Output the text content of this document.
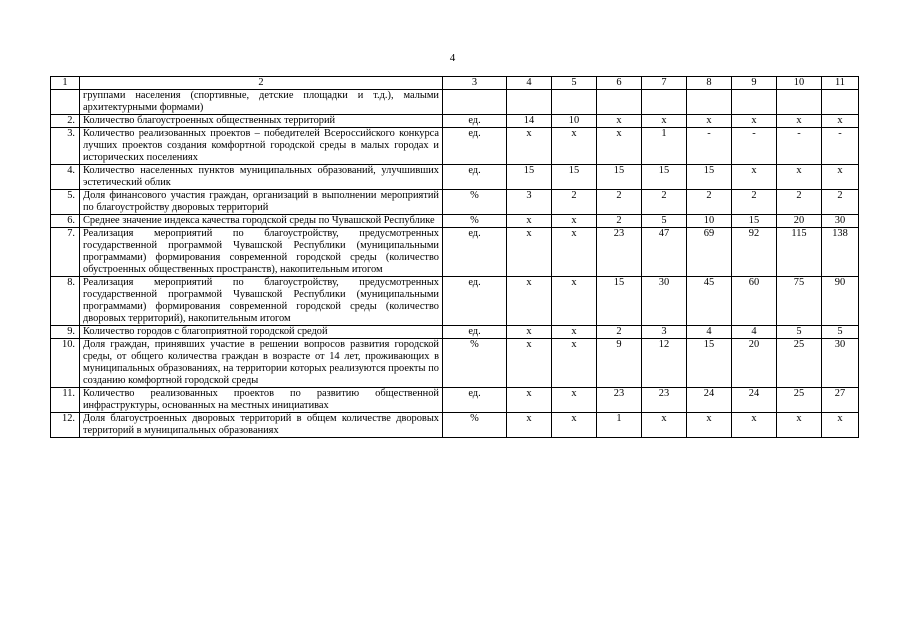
4
1	2	3	4	5	6	7	8	9	10	11
	группами населения (спортивные, детские площадки и т.д.), малыми архитектурными формами)									
2.	Количество благоустроенных общественных территорий	ед.	14	10	х	х	х	х	х	х
3.	Количество реализованных проектов – победителей Всероссийского конкурса лучших проектов создания комфортной городской среды в малых городах и исторических поселениях	ед.	х	х	х	1	-	-	-	-
4.	Количество населенных пунктов муниципальных образований, улучшивших эстетический облик	ед.	15	15	15	15	15	х	х	х
5.	Доля финансового участия граждан, организаций в выполнении мероприятий по благоустройству дворовых территорий	%	3	2	2	2	2	2	2	2
6.	Среднее значение индекса качества городской среды по Чувашской Республике	%	х	х	2	5	10	15	20	30
7.	Реализация мероприятий по благоустройству, предусмотренных государственной программой Чувашской Республики (муниципальными программами) формирования современной городской среды (количество обустроенных общественных пространств), накопительным итогом	ед.	х	х	23	47	69	92	115	138
8.	Реализация мероприятий по благоустройству, предусмотренных государственной программой Чувашской Республики (муниципальными программами) формирования современной городской среды (количество дворовых территорий), накопительным итогом	ед.	х	х	15	30	45	60	75	90
9.	Количество городов с благоприятной городской средой	ед.	х	х	2	3	4	4	5	5
10.	Доля граждан, принявших участие в решении вопросов развития городской среды, от общего количества граждан в возрасте от 14 лет, проживающих в муниципальных образованиях, на территории которых реализуются проекты по созданию комфортной городской среды	%	х	х	9	12	15	20	25	30
11.	Количество реализованных проектов по развитию общественной инфраструктуры, основанных на местных инициативах	ед.	х	х	23	23	24	24	25	27
12.	Доля благоустроенных дворовых территорий в общем количестве дворовых территорий в муниципальных образованиях	%	х	х	1	х	х	х	х	х
